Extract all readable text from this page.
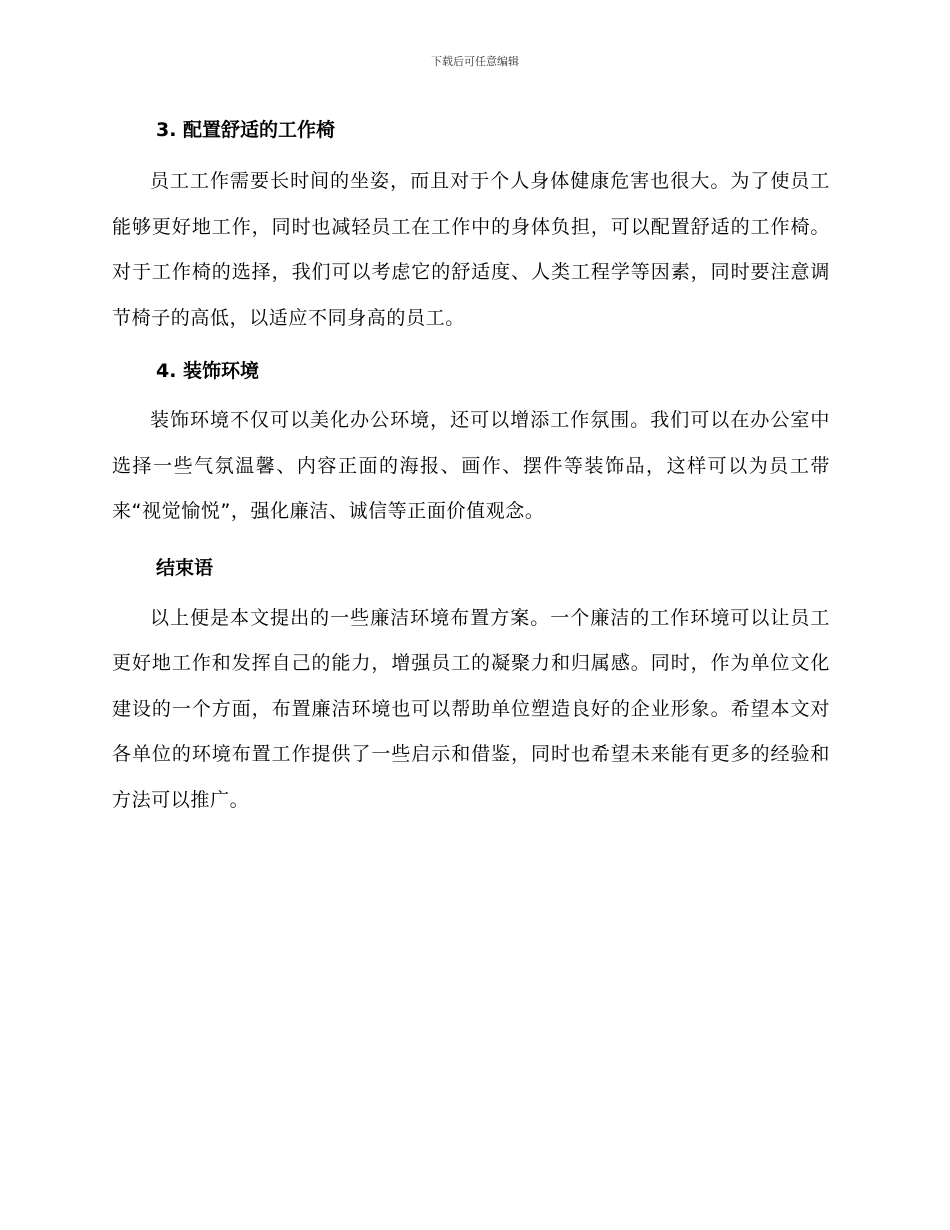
下载后可任意编辑
3. 配置舒适的工作椅

员工工作需要长时间的坐姿，而且对于个人身体健康危害也很大。为了使员工能够更好地工作，同时也减轻员工在工作中的身体负担，可以配置舒适的工作椅。对于工作椅的选择，我们可以考虑它的舒适度、人类工程学等因素，同时要注意调节椅子的高低，以适应不同身高的员工。

4. 装饰环境

装饰环境不仅可以美化办公环境，还可以增添工作氛围。我们可以在办公室中选择一些气氛温馨、内容正面的海报、画作、摆件等装饰品，这样可以为员工带来“视觉愉悦”，强化廉洁、诚信等正面价值观念。

结束语

以上便是本文提出的一些廉洁环境布置方案。一个廉洁的工作环境可以让员工更好地工作和发挥自己的能力，增强员工的凝聚力和归属感。同时，作为单位文化建设的一个方面，布置廉洁环境也可以帮助单位塑造良好的企业形象。希望本文对各单位的环境布置工作提供了一些启示和借鉴，同时也希望未来能有更多的经验和方法可以推广。
